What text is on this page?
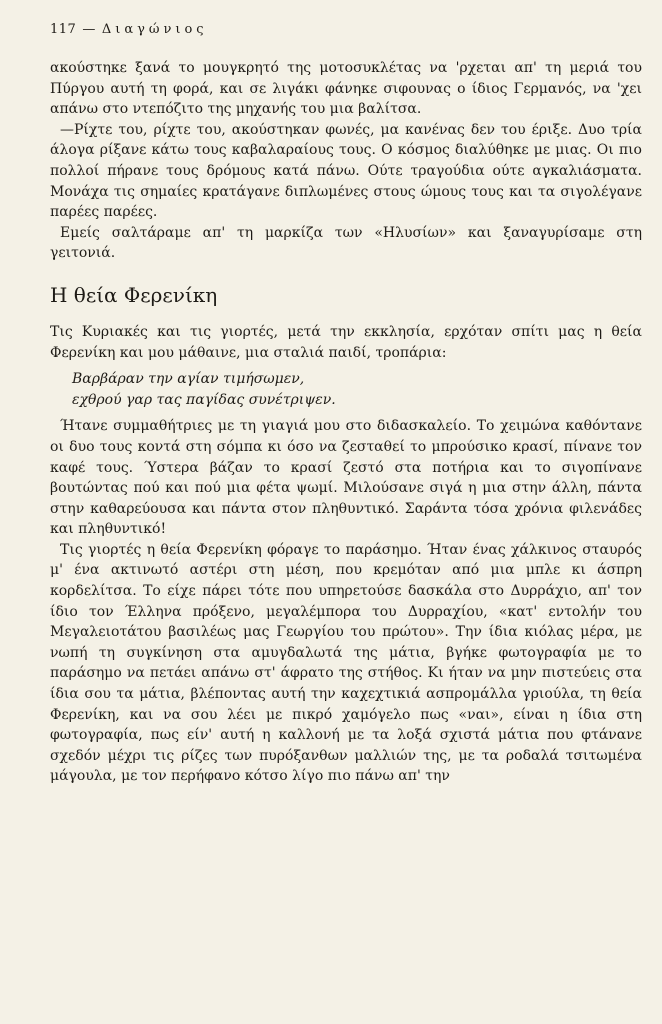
117 — Διαγώνιος

ακούστηκε ξανά το μουγκρητό της μοτοσυκλέτας να 'ρχεται απ' τη μεριά του Πύργου αυτή τη φορά, και σε λιγάκι φάνηκε σιφουνας ο ίδιος Γερμανός, να 'χει απάνω στο ντεπόζιτο της μηχανής του μια βαλίτσα.

—Ρίχτε του, ρίχτε του, ακούστηκαν φωνές, μα κανένας δεν του έριξε. Δυο τρία άλογα ρίξανε κάτω τους καβαλαραίους τους. Ο κόσμος διαλύθηκε με μιας. Οι πιο πολλοί πήρανε τους δρόμους κατά πάνω. Ούτε τραγούδια ούτε αγκαλιάσματα. Μονάχα τις σημαίες κρατάγανε διπλωμένες στους ώμους τους και τα σιγολέγανε παρέες παρέες.

Εμείς σαλτάραμε απ' τη μαρκίζα των «Ηλυσίων» και ξαναγυρίσαμε στη γειτονιά.

Η θεία Φερενίκη

Τις Κυριακές και τις γιορτές, μετά την εκκλησία, ερχόταν σπίτι μας η θεία Φερενίκη και μου μάθαινε, μια σταλιά παιδί, τροπάρια:

Βαρβάραν την αγίαν τιμήσωμεν,
εχθρού γαρ τας παγίδας συνέτριψεν.

Ήτανε συμμαθήτριες με τη γιαγιά μου στο διδασκαλείο. Το χειμώνα καθόντανε οι δυο τους κοντά στη σόμπα κι όσο να ζεσταθεί το μπρούσικο κρασί, πίνανε τον καφέ τους. Ύστερα βάζαν το κρασί ζεστό στα ποτήρια και το σιγοπίνανε βουτώντας πού και πού μια φέτα ψωμί. Μιλούσανε σιγά η μια στην άλλη, πάντα στην καθαρεύουσα και πάντα στον πληθυντικό. Σαράντα τόσα χρόνια φιλενάδες και πληθυντικό!

Τις γιορτές η θεία Φερενίκη φόραγε το παράσημο. Ήταν ένας χάλκινος σταυρός μ' ένα ακτινωτό αστέρι στη μέση, που κρεμόταν από μια μπλε κι άσπρη κορδελίτσα. Το είχε πάρει τότε που υπηρετούσε δασκάλα στο Δυρράχιο, απ' τον ίδιο τον Έλληνα πρόξενο, μεγαλέμπορα του Δυρραχίου, «κατ' εντολήν του Μεγαλειοτάτου βασιλέως μας Γεωργίου του πρώτου». Την ίδια κιόλας μέρα, με νωπή τη συγκίνηση στα αμυγδαλωτά της μάτια, βγήκε φωτογραφία με το παράσημο να πετάει απάνω στ' άφρατο της στήθος. Κι ήταν να μην πιστεύεις στα ίδια σου τα μάτια, βλέποντας αυτή την καχεχτικιά ασπρομάλλα γριούλα, τη θεία Φερενίκη, και να σου λέει με πικρό χαμόγελο πως «ναι», είναι η ίδια στη φωτογραφία, πως είν' αυτή η καλλονή με τα λοξά σχιστά μάτια που φτάνανε σχεδόν μέχρι τις ρίζες των πυρόξανθων μαλλιών της, με τα ροδαλά τσιτωμένα μάγουλα, με τον περήφανο κότσο λίγο πιο πάνω απ' την
